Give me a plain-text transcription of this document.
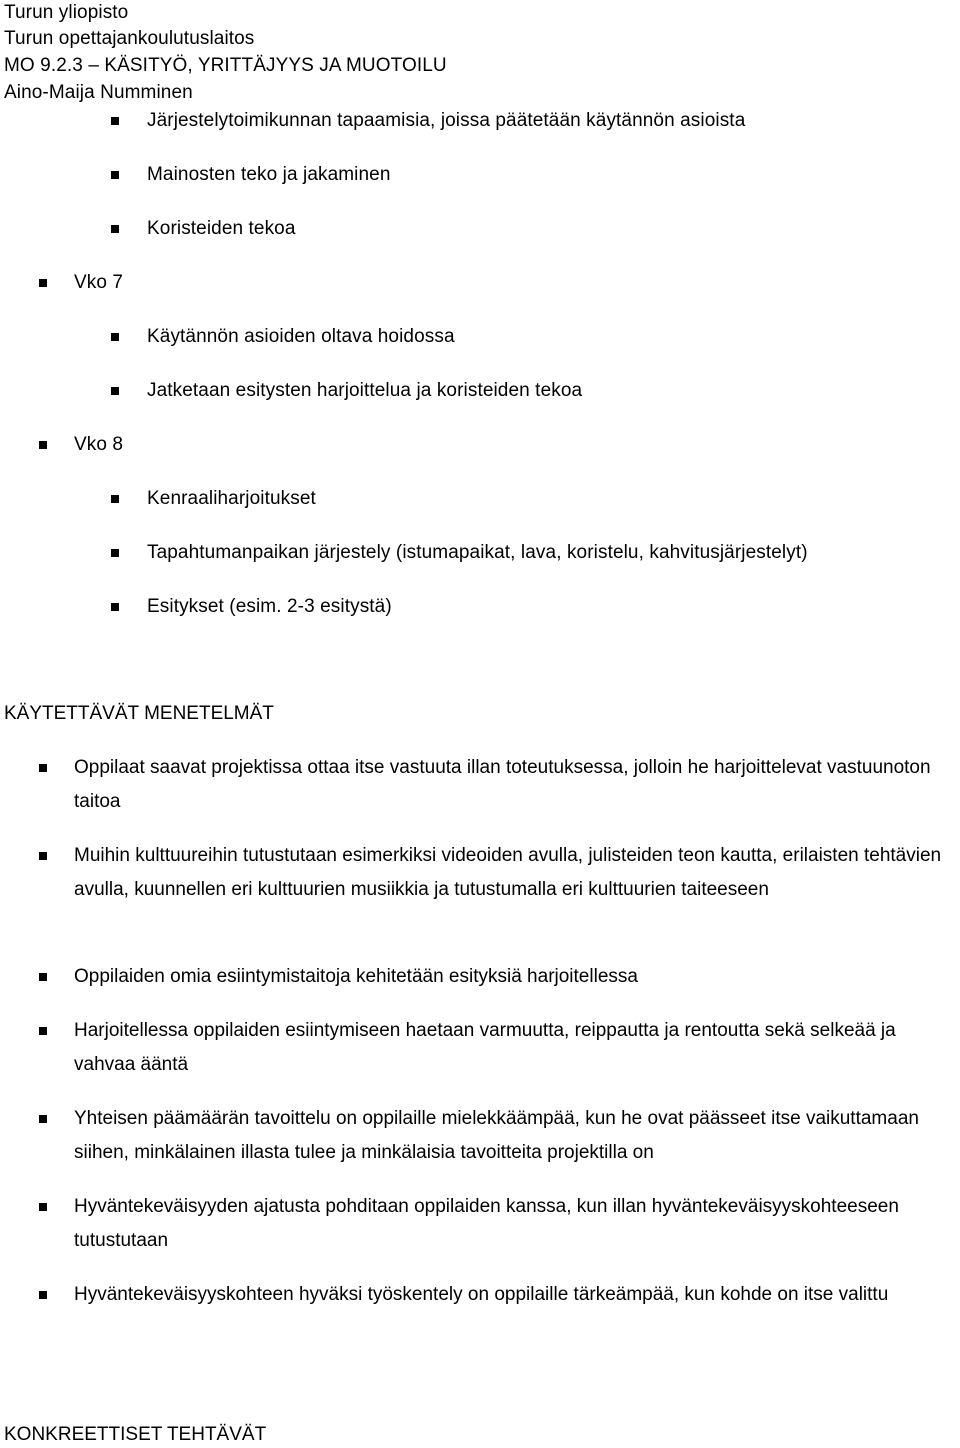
Turun yliopisto
Turun opettajankoulutuslaitos
MO 9.2.3 – KÄSITYÖ, YRITTÄJYYS JA MUOTOILU
Aino-Maija Numminen
Järjestelytoimikunnan tapaamisia, joissa päätetään käytännön asioista
Mainosten teko ja jakaminen
Koristeiden tekoa
Vko 7
Käytännön asioiden oltava hoidossa
Jatketaan esitysten harjoittelua ja koristeiden tekoa
Vko 8
Kenraaliharjoitukset
Tapahtumanpaikan järjestely (istumapaikat, lava, koristelu, kahvitusjärjestelyt)
Esitykset (esim. 2-3 esitystä)
KÄYTETTÄVÄT MENETELMÄT
Oppilaat saavat projektissa ottaa itse vastuuta illan toteutuksessa, jolloin he harjoittelevat vastuunoton taitoa
Muihin kulttuureihin tutustutaan esimerkiksi videoiden avulla, julisteiden teon kautta, erilaisten tehtävien avulla, kuunnellen eri kulttuurien musiikkia ja tutustumalla eri kulttuurien taiteeseen
Oppilaiden omia esiintymistaitoja kehitetään esityksiä harjoitellessa
Harjoitellessa oppilaiden esiintymiseen haetaan varmuutta, reippautta ja rentoutta sekä selkeää ja vahvaa ääntä
Yhteisen päämäärän tavoittelu on oppilaille mielekkäämpää, kun he ovat päässeet itse vaikuttamaan siihen, minkälainen illasta tulee ja minkälaisia tavoitteita projektilla on
Hyväntekeväisyyden ajatusta pohditaan oppilaiden kanssa, kun illan hyväntekeväisyyskohteeseen tutustutaan
Hyväntekeväisyyskohteen hyväksi työskentely on oppilaille tärkeämpää, kun kohde on itse valittu
KONKREETTISET TEHTÄVÄT
